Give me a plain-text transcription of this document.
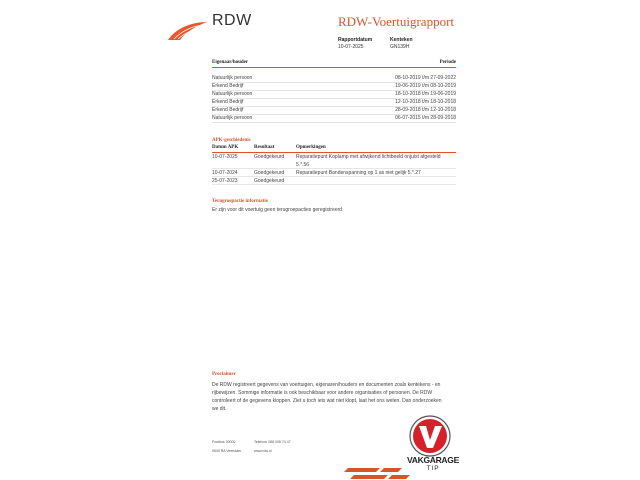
RDW	RDW-Voertuigrapport
Rapportdatum
10-07-2025
Kenteken
GN139H
Eigenaar/houder	Periode
Natuurlijk persoon	08-10-2019 t/m 27-09-2022
Erkend Bedrijf	19-06-2019 t/m 08-10-2019
Natuurlijk persoon	18-10-2018 t/m 19-06-2019
Erkend Bedrijf	12-10-2018 t/m 18-10-2018
Erkend Bedrijf	28-09-2018 t/m 12-10-2018
Natuurlijk persoon	06-07-2015 t/m 28-09-2018
APK-geschiedenis
Datum APK	Resultaat	Opmerkingen
10-07-2025	Goedgekeurd Reparatiepunt Koplamp met afwijkend lichtbeeld onjuist afgesteld
5.*.56
10-07-2024	Goedgekeurd Reparatiepunt Bandenspanning op 1 as niet gelijk 5.*.27
25-07-2023	Goedgekeurd
Terugroepactie informatie
Er zijn voor dit voertuig geen terugroepacties geregistreerd
Proclaimer
De RDW registreert gegevens van voertuigen, eigenaren/houders en documenten zoals kentekens - en
rijbewijzen. Sommige informatie is ook beschikbaar voor andere organisaties of personen. De RDW
controleert of de gegevens kloppen. Ziet u toch iets wat niet klopt, laat het ons weten. Dan onderzoeken
we dit.
Postbus 30000
9640 RA Veendam
Telefoon 088 008 74 47
www.rdw.nl
VAKGARAGE
TIP
